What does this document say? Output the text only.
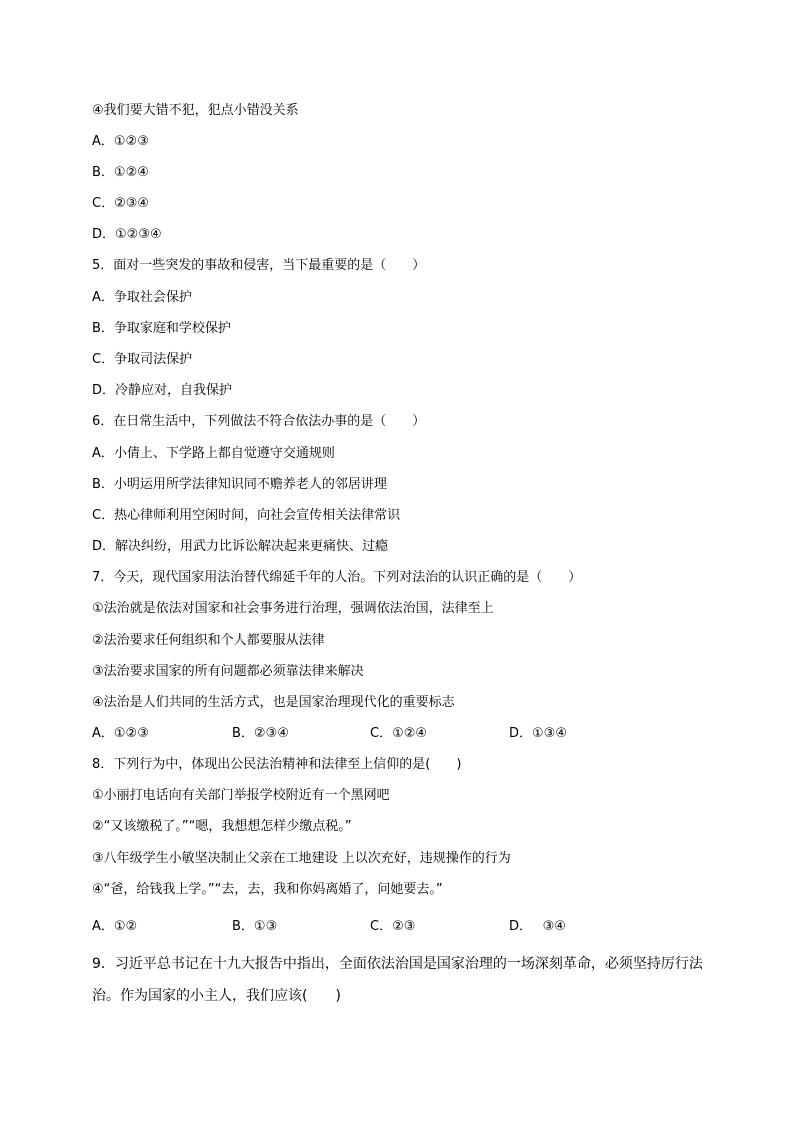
④我们要大错不犯，犯点小错没关系
A．①②③
B．①②④
C．②③④
D．①②③④
5．面对一些突发的事故和侵害，当下最重要的是（　　）
A．争取社会保护
B．争取家庭和学校保护
C．争取司法保护
D．冷静应对，自我保护
6．在日常生活中，下列做法不符合依法办事的是（　　）
A．小倩上、下学路上都自觉遵守交通规则
B．小明运用所学法律知识同不赡养老人的邻居讲理
C．热心律师利用空闲时间，向社会宣传相关法律常识
D．解决纠纷，用武力比诉讼解决起来更痛快、过瘾
7．今天，现代国家用法治替代绵延千年的人治。下列对法治的认识正确的是（　　）
①法治就是依法对国家和社会事务进行治理，强调依法治国，法律至上
②法治要求任何组织和个人都要服从法律
③法治要求国家的所有问题都必须靠法律来解决
④法治是人们共同的生活方式，也是国家治理现代化的重要标志
A．①②③	B．②③④	C．①②④	D．①③④
8．下列行为中，体现出公民法治精神和法律至上信仰的是(　　)
①小丽打电话向有关部门举报学校附近有一个黑网吧
②“又该缴税了。”“嗯，我想想怎样少缴点税。”
③八年级学生小敏坚决制止父亲在工地建设 上以次充好，违规操作的行为
④“爸，给钱我上学。”“去，去，我和你妈离婚了，问她要去。”
A．①②	B．①③	C．②③	D．　 ③④
9．习近平总书记在十九大报告中指出，全面依法治国是国家治理的一场深刻革命，必须坚持厉行法
治。作为国家的小主人，我们应该(　　)
